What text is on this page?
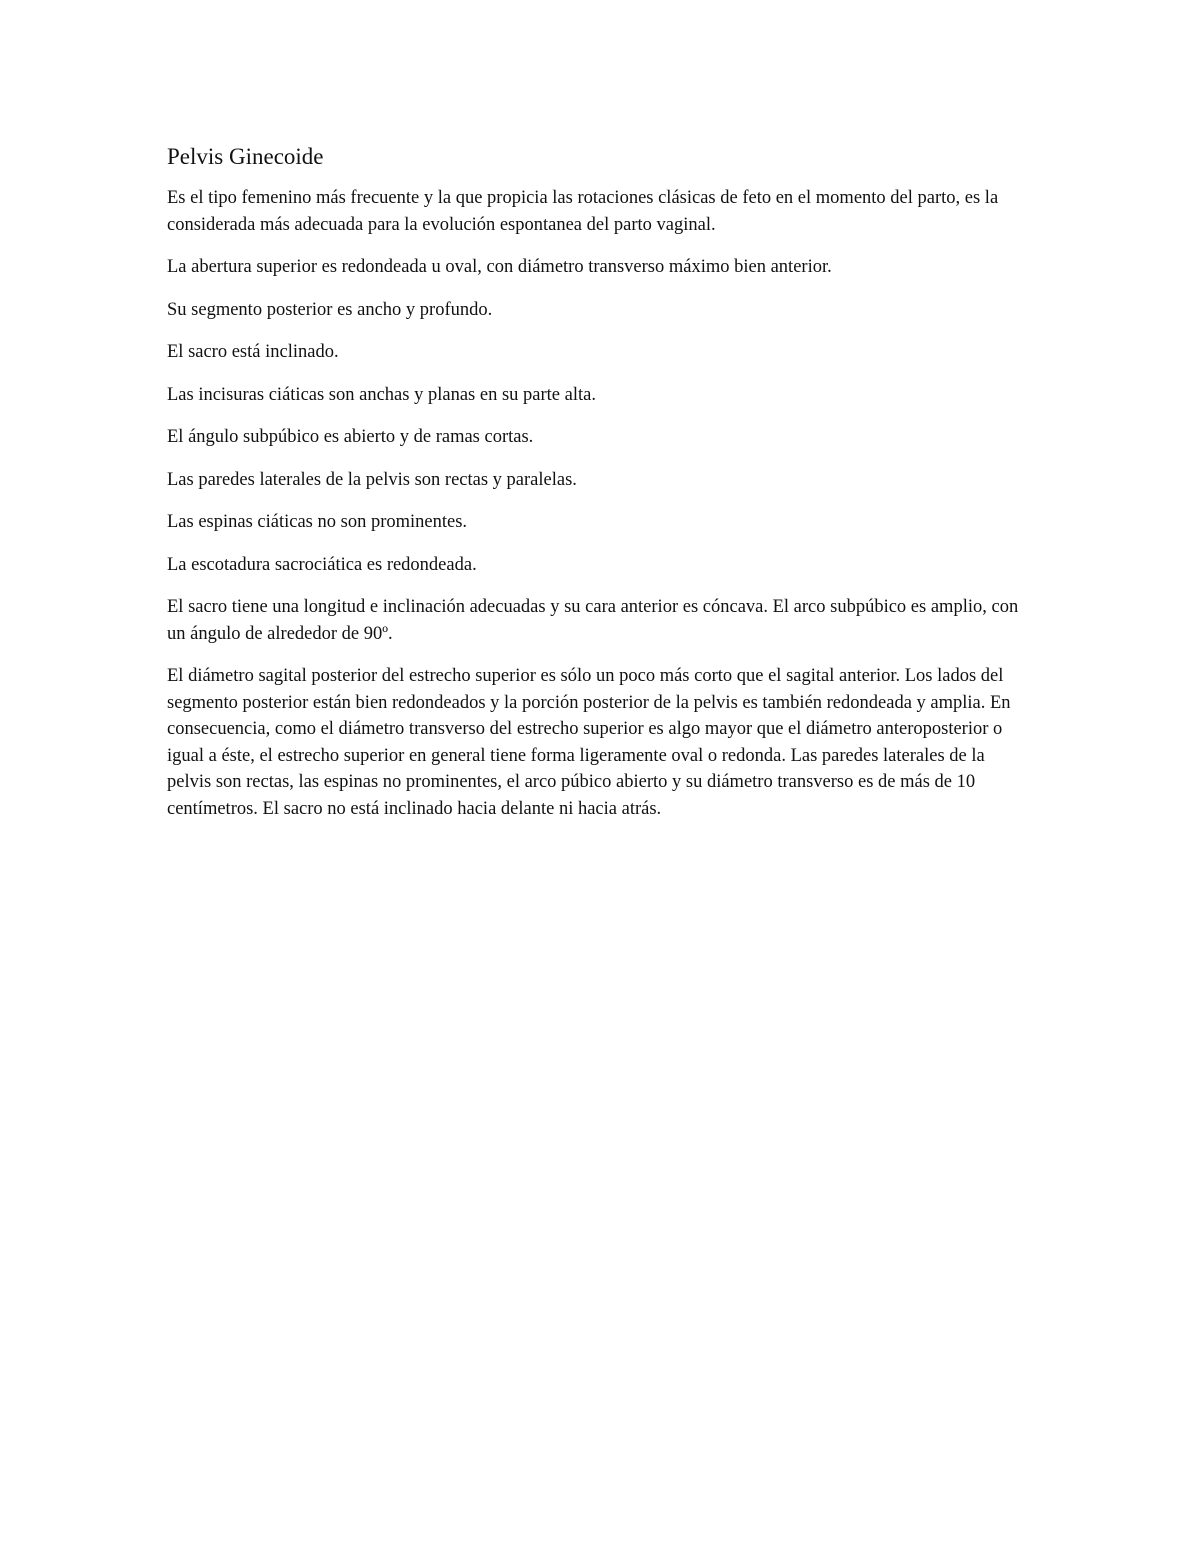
Pelvis Ginecoide

Es el tipo femenino más frecuente y la que propicia las rotaciones clásicas de feto en el momento del parto, es la considerada más adecuada para la evolución espontanea del parto vaginal.

La abertura superior es redondeada u oval, con diámetro transverso máximo bien anterior.

Su segmento posterior es ancho y profundo.

El sacro está inclinado.

Las incisuras ciáticas son anchas y planas en su parte alta.

El ángulo subpúbico es abierto y de ramas cortas.

Las paredes laterales de la pelvis son rectas y paralelas.

Las espinas ciáticas no son prominentes.

La escotadura sacrociática es redondeada.

El sacro tiene una longitud e inclinación adecuadas y su cara anterior es cóncava. El arco subpúbico es amplio, con un ángulo de alrededor de 90º.

El diámetro sagital posterior del estrecho superior es sólo un poco más corto que el sagital anterior. Los lados del segmento posterior están bien redondeados y la porción posterior de la pelvis es también redondeada y amplia. En consecuencia, como el diámetro transverso del estrecho superior es algo mayor que el diámetro anteroposterior o igual a éste, el estrecho superior en general tiene forma ligeramente oval o redonda. Las paredes laterales de la pelvis son rectas, las espinas no prominentes, el arco púbico abierto y su diámetro transverso es de más de 10 centímetros. El sacro no está inclinado hacia delante ni hacia atrás.
